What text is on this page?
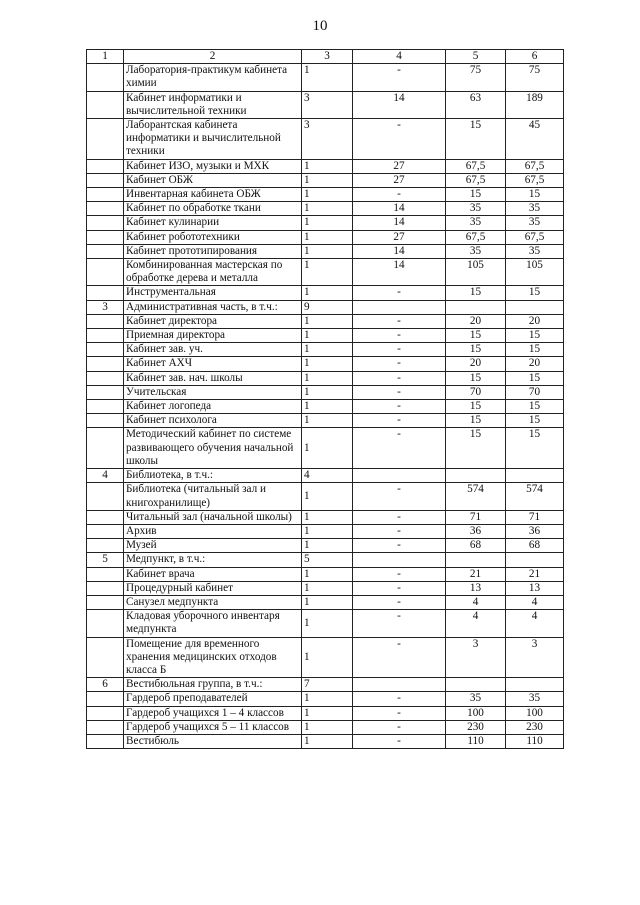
10
1	2	3	4	5	6
	Лаборатория-практикум кабинета химии	1	-	75	75
	Кабинет информатики и вычислительной техники	3	14	63	189
	Лаборантская кабинета информатики и вычислительной техники	3	-	15	45
	Кабинет ИЗО, музыки и МХК	1	27	67,5	67,5
	Кабинет ОБЖ	1	27	67,5	67,5
	Инвентарная кабинета ОБЖ	1	-	15	15
	Кабинет по обработке ткани	1	14	35	35
	Кабинет кулинарии	1	14	35	35
	Кабинет робототехники	1	27	67,5	67,5
	Кабинет прототипирования	1	14	35	35
	Комбинированная мастерская по обработке дерева и металла	1	14	105	105
	Инструментальная	1	-	15	15
3	Административная часть, в т.ч.:	9			
	Кабинет директора	1	-	20	20
	Приемная директора	1	-	15	15
	Кабинет зав. уч.	1	-	15	15
	Кабинет АХЧ	1	-	20	20
	Кабинет зав. нач. школы	1	-	15	15
	Учительская	1	-	70	70
	Кабинет логопеда	1	-	15	15
	Кабинет психолога	1	-	15	15
	Методический кабинет по системе развивающего обучения начальной школы	1	-	15	15
4	Библиотека, в т.ч.:	4			
	Библиотека (читальный зал и книгохранилище)	1	-	574	574
	Читальный зал (начальной школы)	1	-	71	71
	Архив	1	-	36	36
	Музей	1	-	68	68
5	Медпункт, в т.ч.:	5			
	Кабинет врача	1	-	21	21
	Процедурный кабинет	1	-	13	13
	Санузел медпункта	1	-	4	4
	Кладовая уборочного инвентаря медпункта	1	-	4	4
	Помещение для временного хранения медицинских отходов класса Б	1	-	3	3
6	Вестибюльная группа, в т.ч.:	7			
	Гардероб преподавателей	1	-	35	35
	Гардероб учащихся 1 – 4 классов	1	-	100	100
	Гардероб учащихся 5 – 11 классов	1	-	230	230
	Вестибюль	1	-	110	110
